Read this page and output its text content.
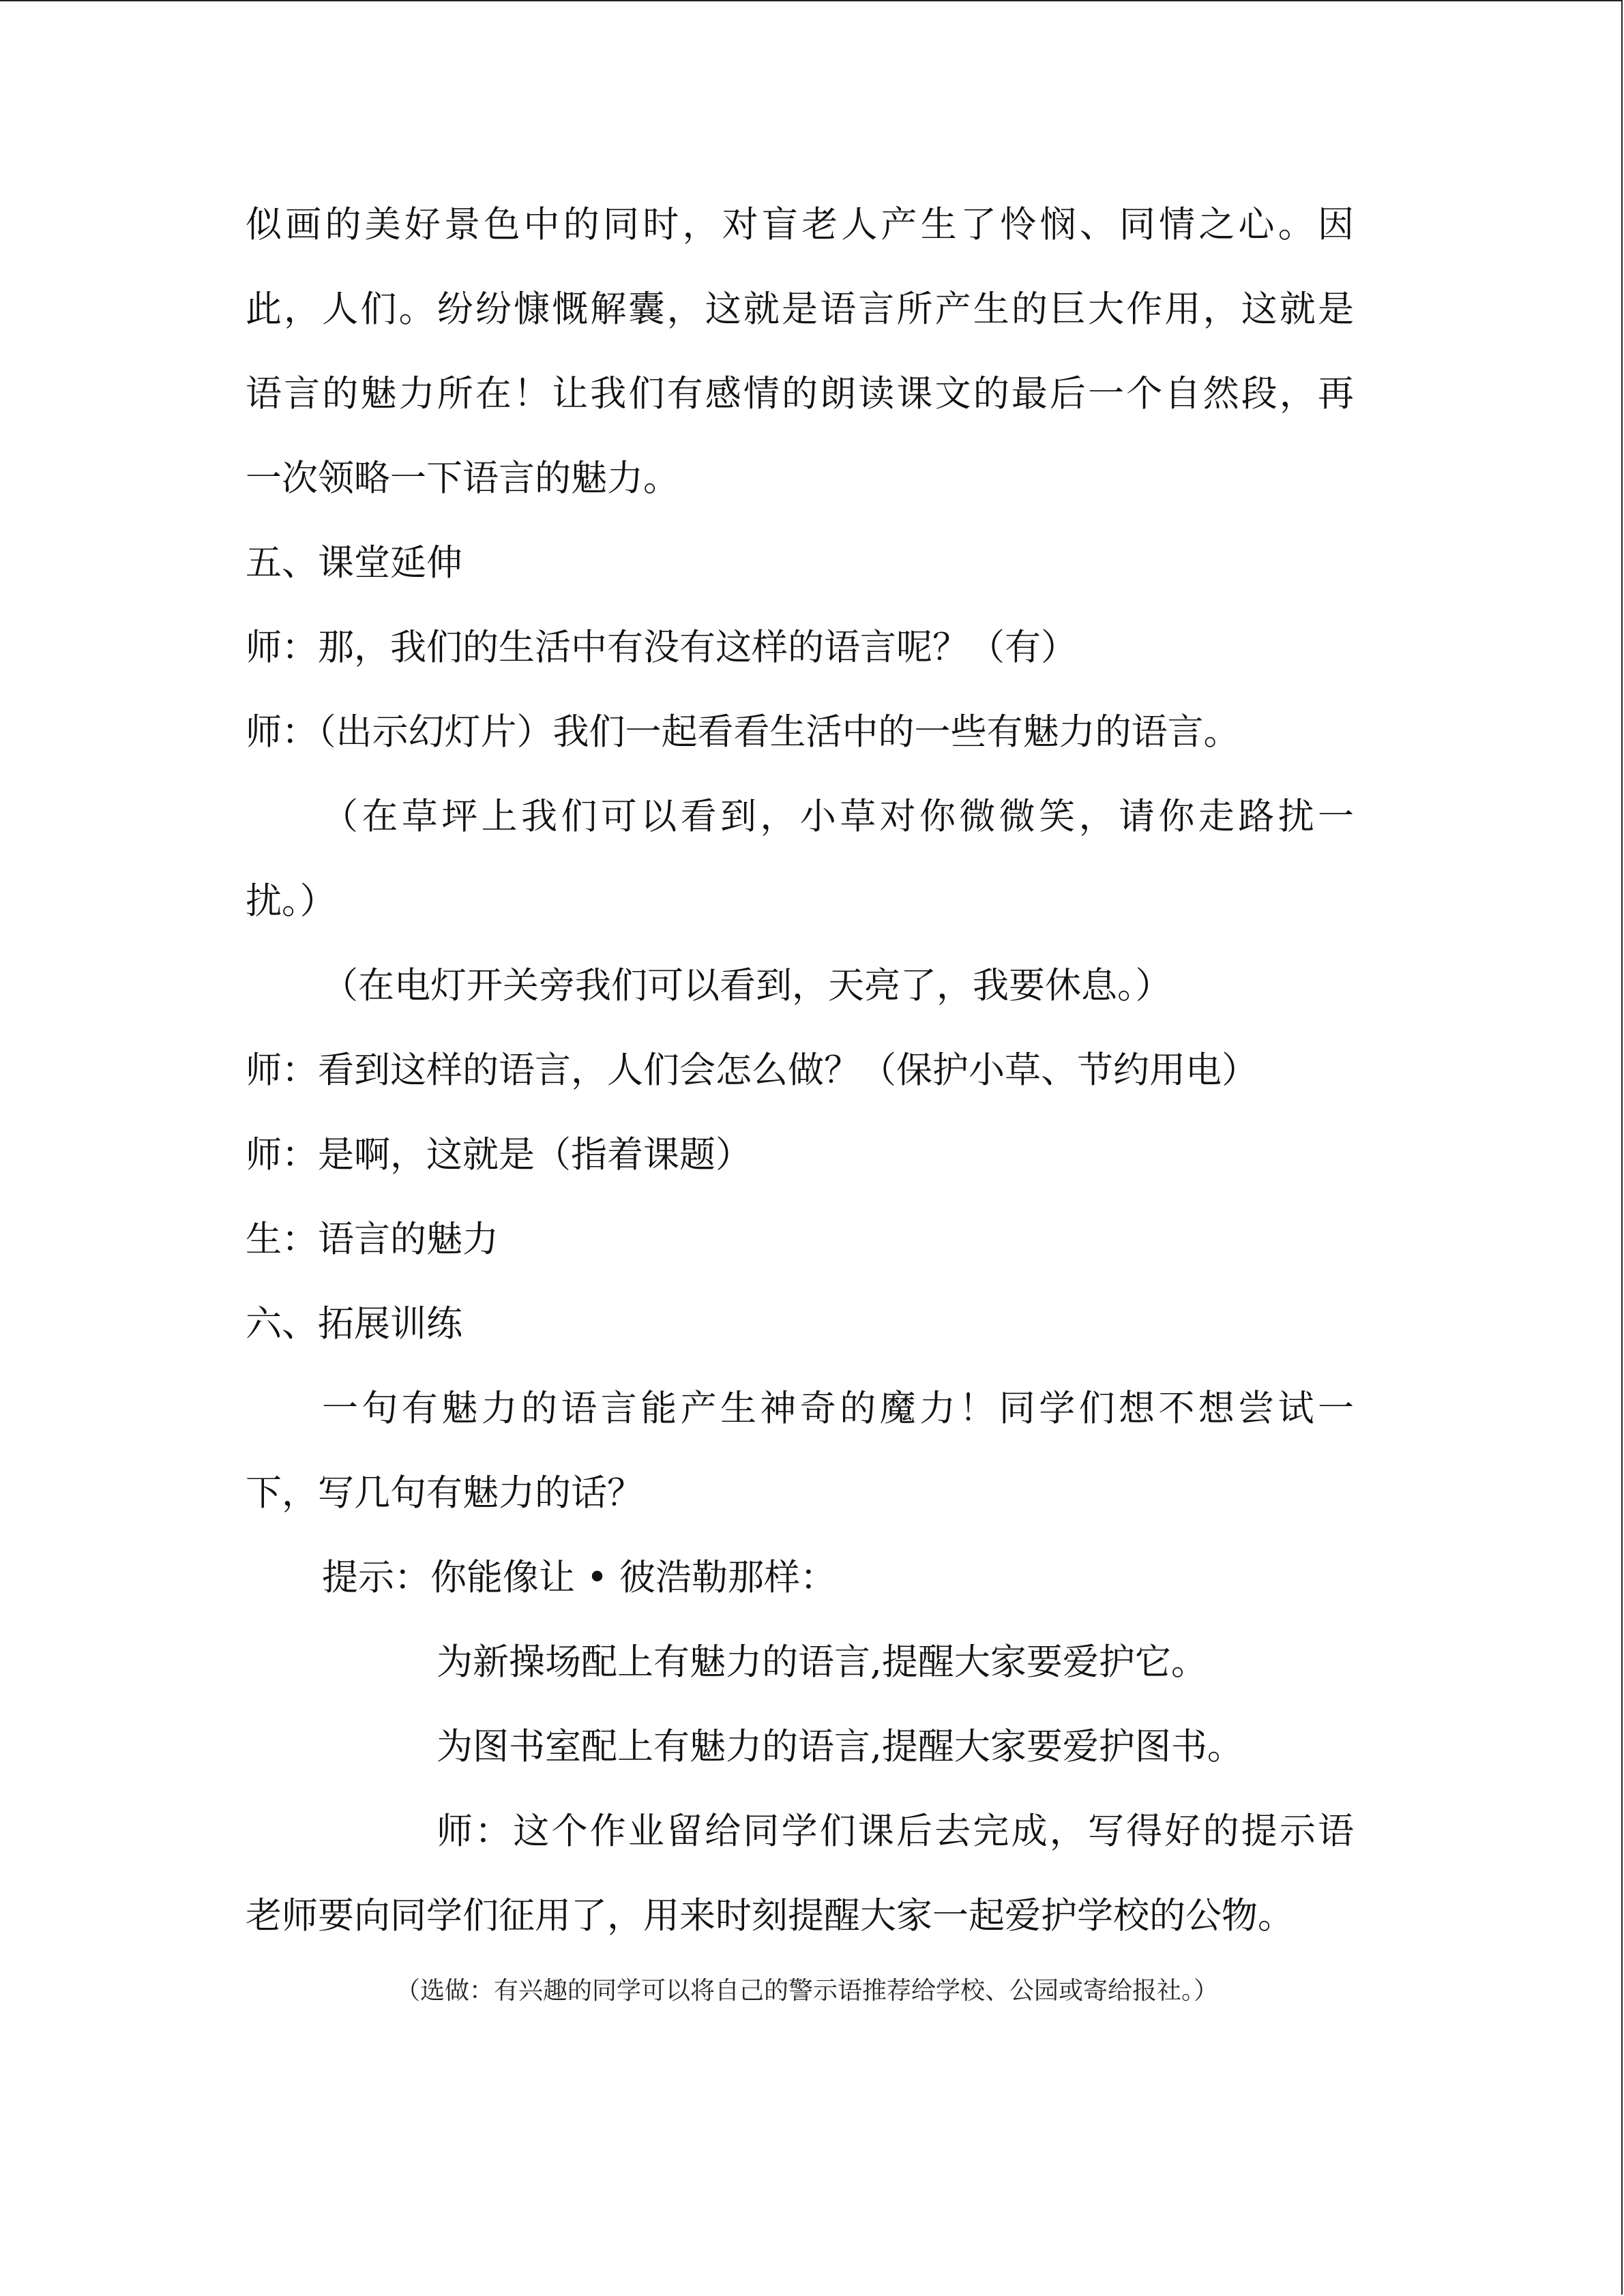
似画的美好景色中的同时，对盲老人产生了怜悯、同情之心。因
此，人们。纷纷慷慨解囊，这就是语言所产生的巨大作用，这就是
语言的魅力所在！让我们有感情的朗读课文的最后一个自然段，再
一次领略一下语言的魅力。
五、课堂延伸
师：那，我们的生活中有没有这样的语言呢？（有）
师：（出示幻灯片）我们一起看看生活中的一些有魅力的语言。
（在草坪上我们可以看到，小草对你微微笑，请你走路扰一
扰。）
（在电灯开关旁我们可以看到，天亮了，我要休息。）
师：看到这样的语言，人们会怎么做？（保护小草、节约用电）
师：是啊，这就是（指着课题）
生：语言的魅力
六、拓展训练
一句有魅力的语言能产生神奇的魔力！同学们想不想尝试一
下，写几句有魅力的话？
提示：你能像让 • 彼浩勒那样：
为新操场配上有魅力的语言,提醒大家要爱护它。
为图书室配上有魅力的语言,提醒大家要爱护图书。
师：这个作业留给同学们课后去完成，写得好的提示语
老师要向同学们征用了，用来时刻提醒大家一起爱护学校的公物。
（选做：有兴趣的同学可以将自己的警示语推荐给学校、公园或寄给报社。）
